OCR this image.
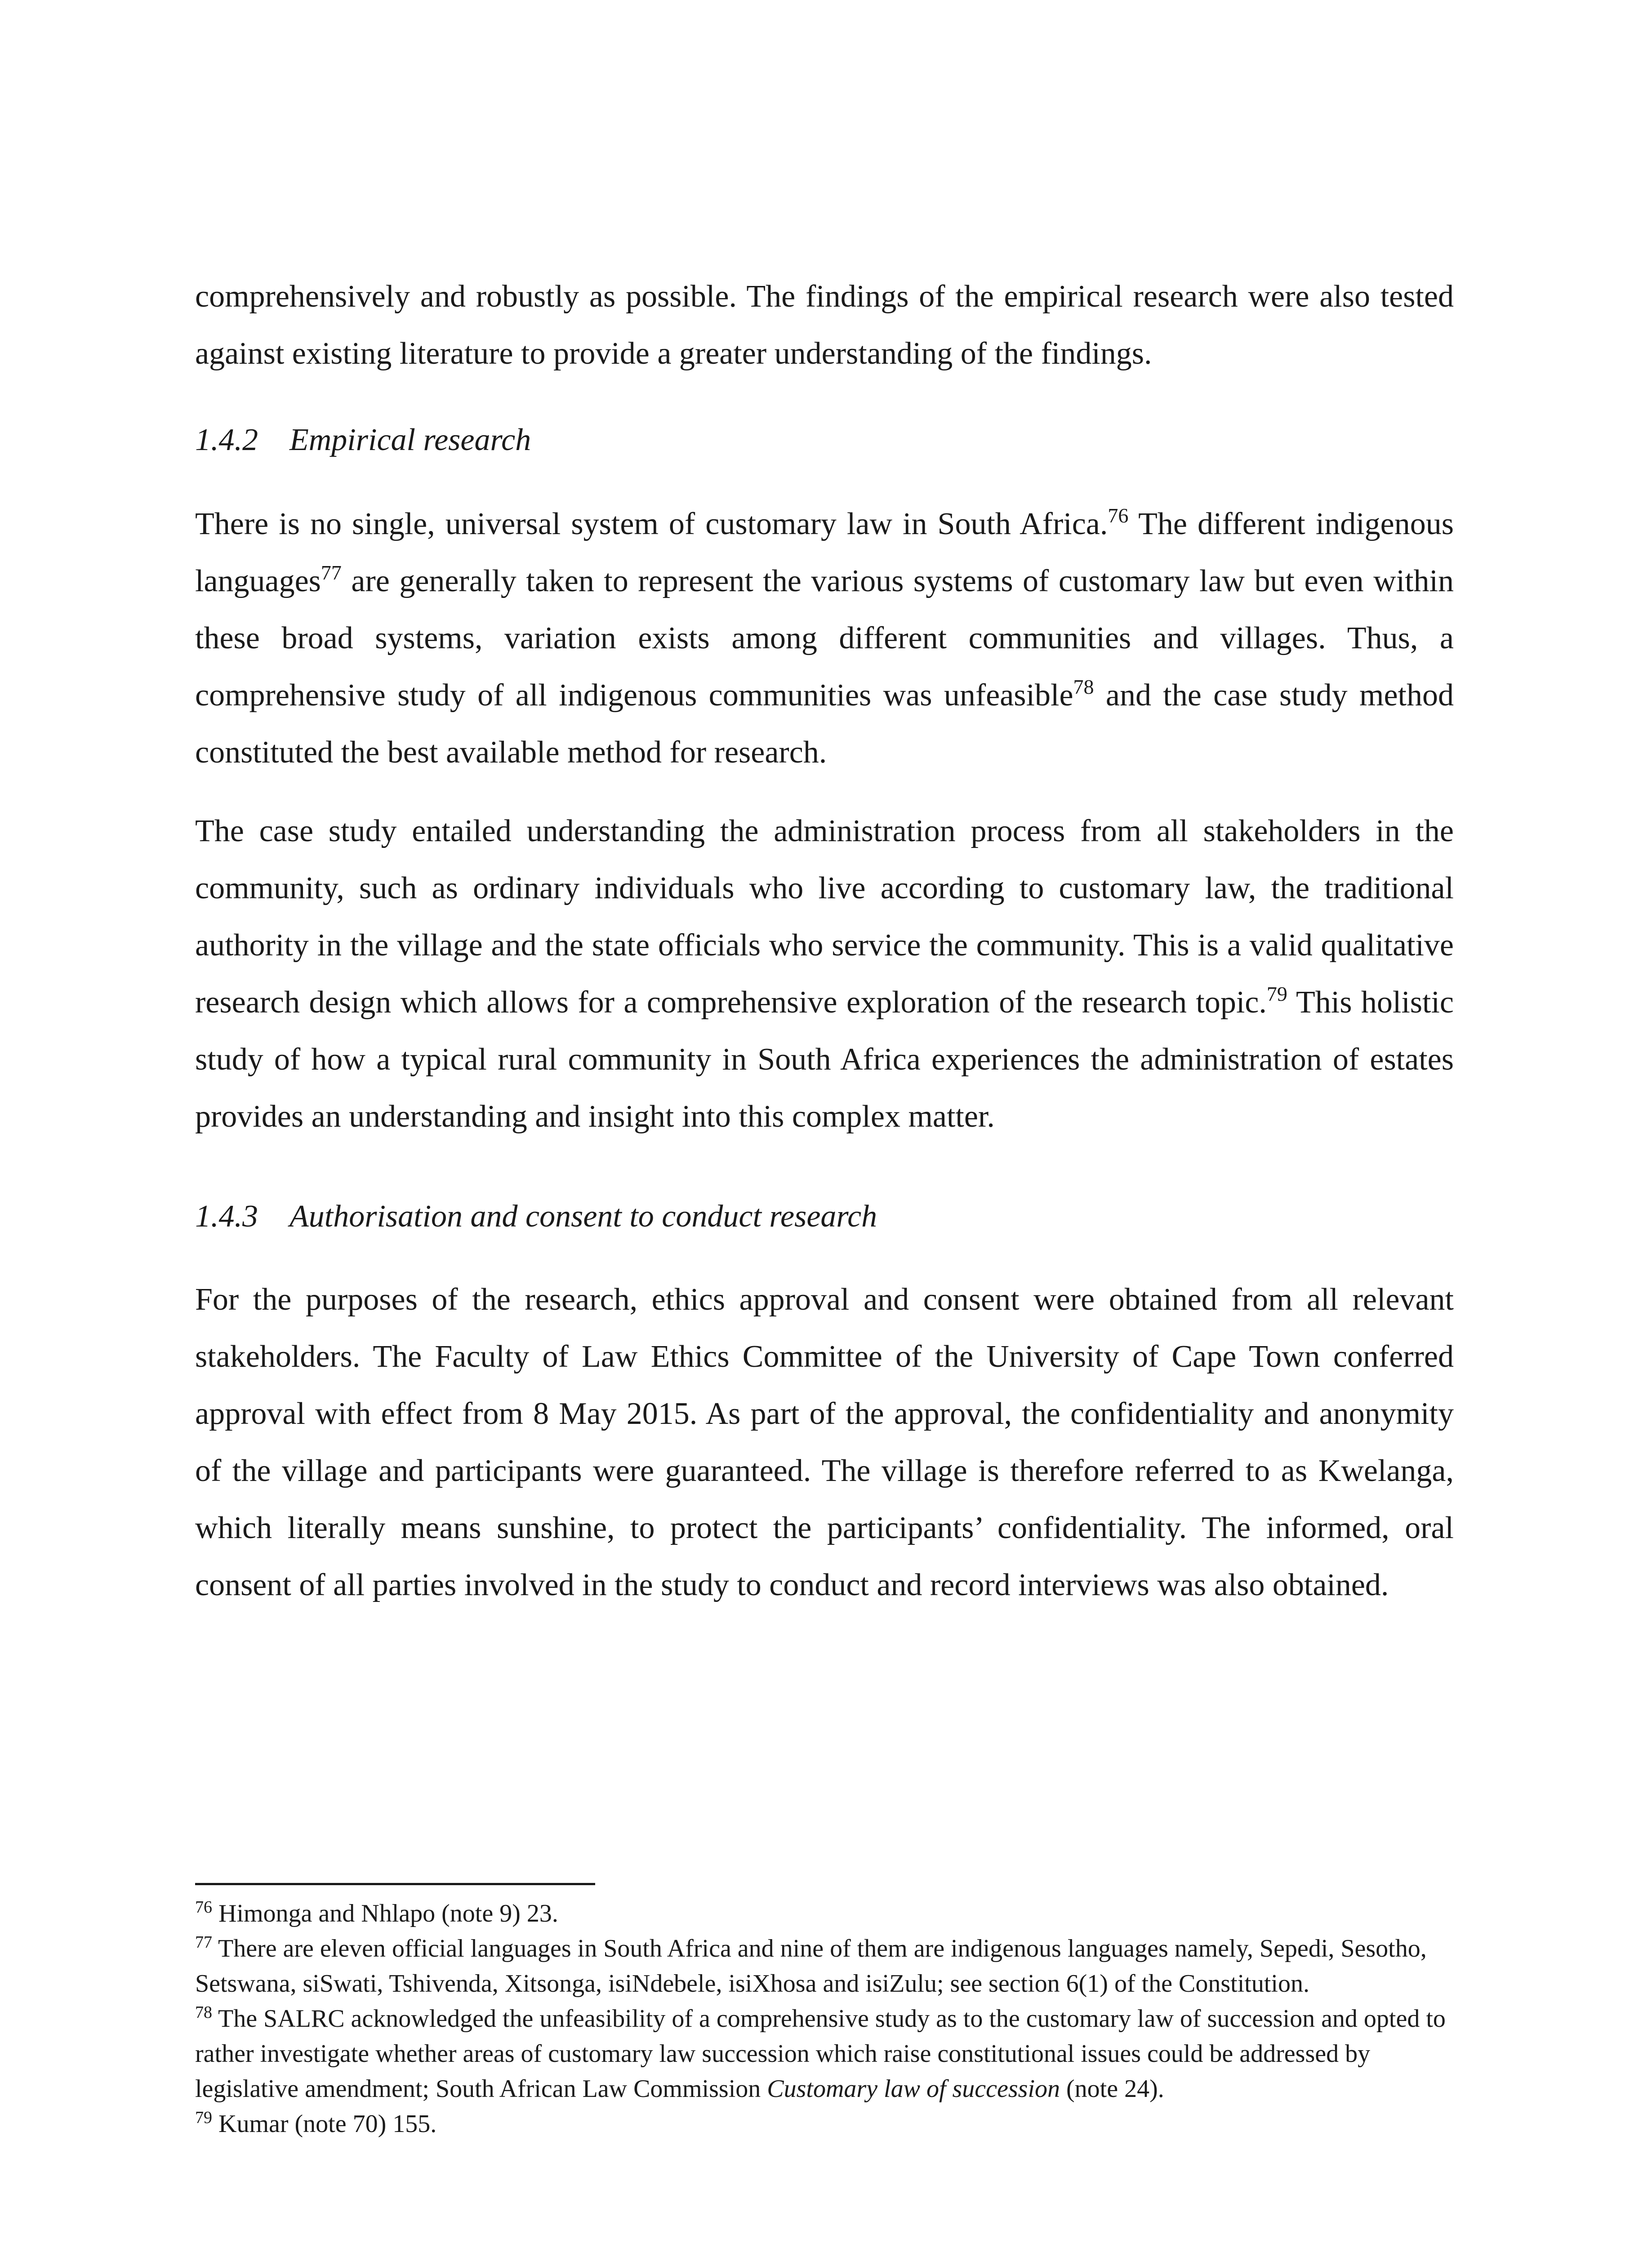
comprehensively and robustly as possible. The findings of the empirical research were also tested against existing literature to provide a greater understanding of the findings.

1.4.2 Empirical research

There is no single, universal system of customary law in South Africa.$^{76}$ The different indigenous languages$^{77}$ are generally taken to represent the various systems of customary law but even within these broad systems, variation exists among different communities and villages. Thus, a comprehensive study of all indigenous communities was unfeasible$^{78}$ and the case study method constituted the best available method for research.

The case study entailed understanding the administration process from all stakeholders in the community, such as ordinary individuals who live according to customary law, the traditional authority in the village and the state officials who service the community. This is a valid qualitative research design which allows for a comprehensive exploration of the research topic.$^{79}$ This holistic study of how a typical rural community in South Africa experiences the administration of estates provides an understanding and insight into this complex matter.

1.4.3 Authorisation and consent to conduct research

For the purposes of the research, ethics approval and consent were obtained from all relevant stakeholders. The Faculty of Law Ethics Committee of the University of Cape Town conferred approval with effect from 8 May 2015. As part of the approval, the confidentiality and anonymity of the village and participants were guaranteed. The village is therefore referred to as Kwelanga, which literally means sunshine, to protect the participants’ confidentiality. The informed, oral consent of all parties involved in the study to conduct and record interviews was also obtained.

$^{76}$ Himonga and Nhlapo (note 9) 23.

$^{77}$ There are eleven official languages in South Africa and nine of them are indigenous languages namely, Sepedi, Sesotho, Setswana, siSwati, Tshivenda, Xitsonga, isiNdebele, isiXhosa and isiZulu; see section 6(1) of the Constitution.

$^{78}$ The SALRC acknowledged the unfeasibility of a comprehensive study as to the customary law of succession and opted to rather investigate whether areas of customary law succession which raise constitutional issues could be addressed by legislative amendment; South African Law Commission Customary law of succession (note 24).

$^{79}$ Kumar (note 70) 155.
